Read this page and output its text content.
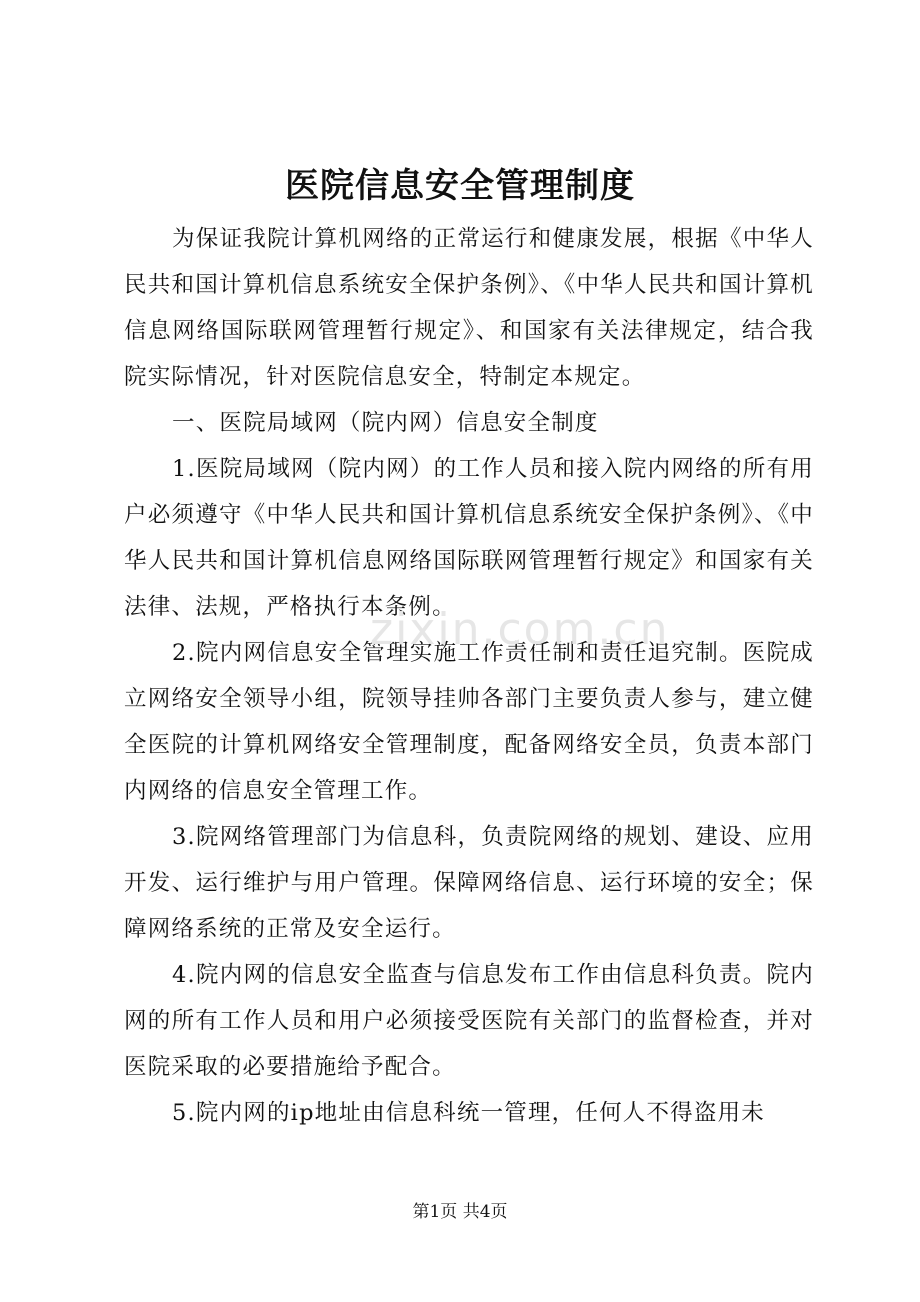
医院信息安全管理制度

为保证我院计算机网络的正常运行和健康发展，根据《中华人民共和国计算机信息系统安全保护条例》、《中华人民共和国计算机信息网络国际联网管理暂行规定》、和国家有关法律规定，结合我院实际情况，针对医院信息安全，特制定本规定。

一、医院局域网（院内网）信息安全制度

1.医院局域网（院内网）的工作人员和接入院内网络的所有用户必须遵守《中华人民共和国计算机信息系统安全保护条例》、《中华人民共和国计算机信息网络国际联网管理暂行规定》和国家有关法律、法规，严格执行本条例。

2.院内网信息安全管理实施工作责任制和责任追究制。医院成立网络安全领导小组，院领导挂帅各部门主要负责人参与，建立健全医院的计算机网络安全管理制度，配备网络安全员，负责本部门内网络的信息安全管理工作。

3.院网络管理部门为信息科，负责院网络的规划、建设、应用开发、运行维护与用户管理。保障网络信息、运行环境的安全；保障网络系统的正常及安全运行。

4.院内网的信息安全监查与信息发布工作由信息科负责。院内网的所有工作人员和用户必须接受医院有关部门的监督检查，并对医院采取的必要措施给予配合。

5.院内网的ip地址由信息科统一管理，任何人不得盗用未

zixin.com.cn
第1页 共4页
